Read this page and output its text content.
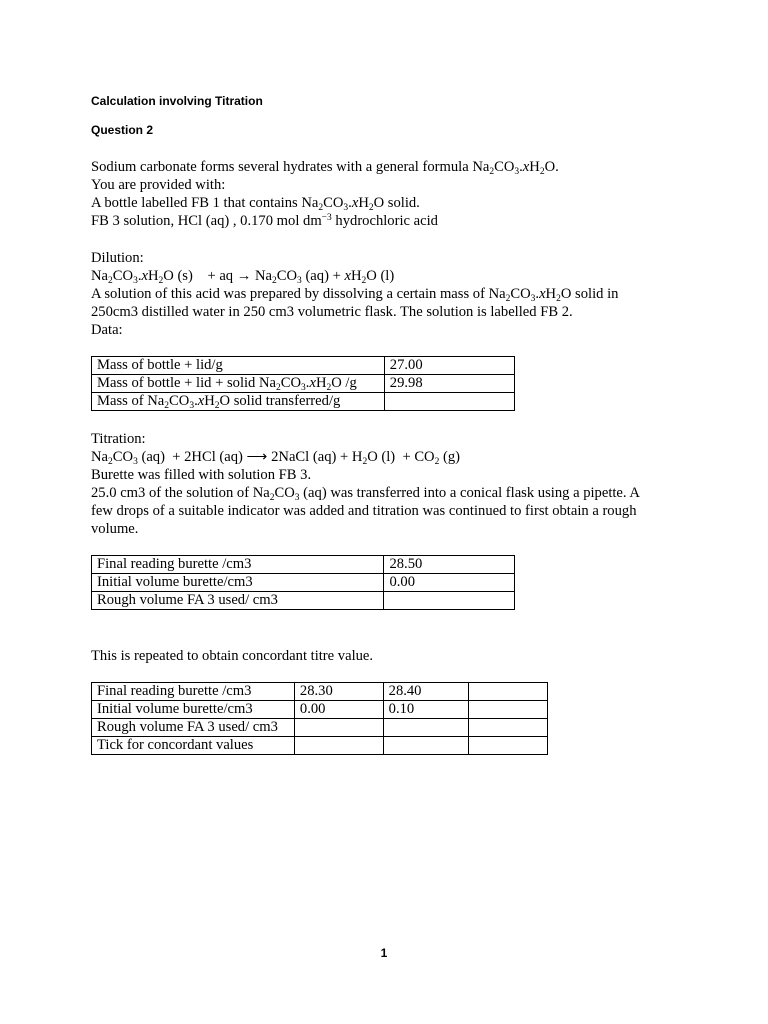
Calculation involving Titration
Question 2
Sodium carbonate forms several hydrates with a general formula $Na_2CO_3.xH_2O$.
You are provided with:
A bottle labelled FB 1 that contains $Na_2CO_3.xH_2O$ solid.
FB 3 solution, HCl (aq) , 0.170 mol $dm^{-3}$ hydrochloric acid
Dilution:
$Na_2CO_3.xH_2O$ (s)    + aq → $Na_2CO_3$ $(aq) + xH_2O$ (l)
A solution of this acid was prepared by dissolving a certain mass of $Na_2CO_3.xH_2O$ solid in
250cm3 distilled water in 250 cm3 volumetric flask. The solution is labelled FB 2.
Data:
Mass of bottle + lid/g	27.00
Mass of bottle + lid + solid $Na_2CO_3.xH_2O$ /g	29.98
Mass of $Na_2CO_3.xH_2O$ solid transferred/g	
Titration:
$Na_2CO_3$ (aq)  + 2HCl (aq) ⟶ 2NaCl $(aq) + H_2O$ $(l) + CO_2$ (g)
Burette was filled with solution FB 3.
25.0 cm3 of the solution of $Na_2CO_3$ (aq) was transferred into a conical flask using a pipette. A
few drops of a suitable indicator was added and titration was continued to first obtain a rough
volume.
Final reading burette /cm3	28.50
Initial volume burette/cm3	0.00
Rough volume FA 3 used/ cm3	
This is repeated to obtain concordant titre value.
Final reading burette /cm3	28.30	28.40	
Initial volume burette/cm3	0.00	0.10	
Rough volume FA 3 used/ cm3			
Tick for concordant values			
1
